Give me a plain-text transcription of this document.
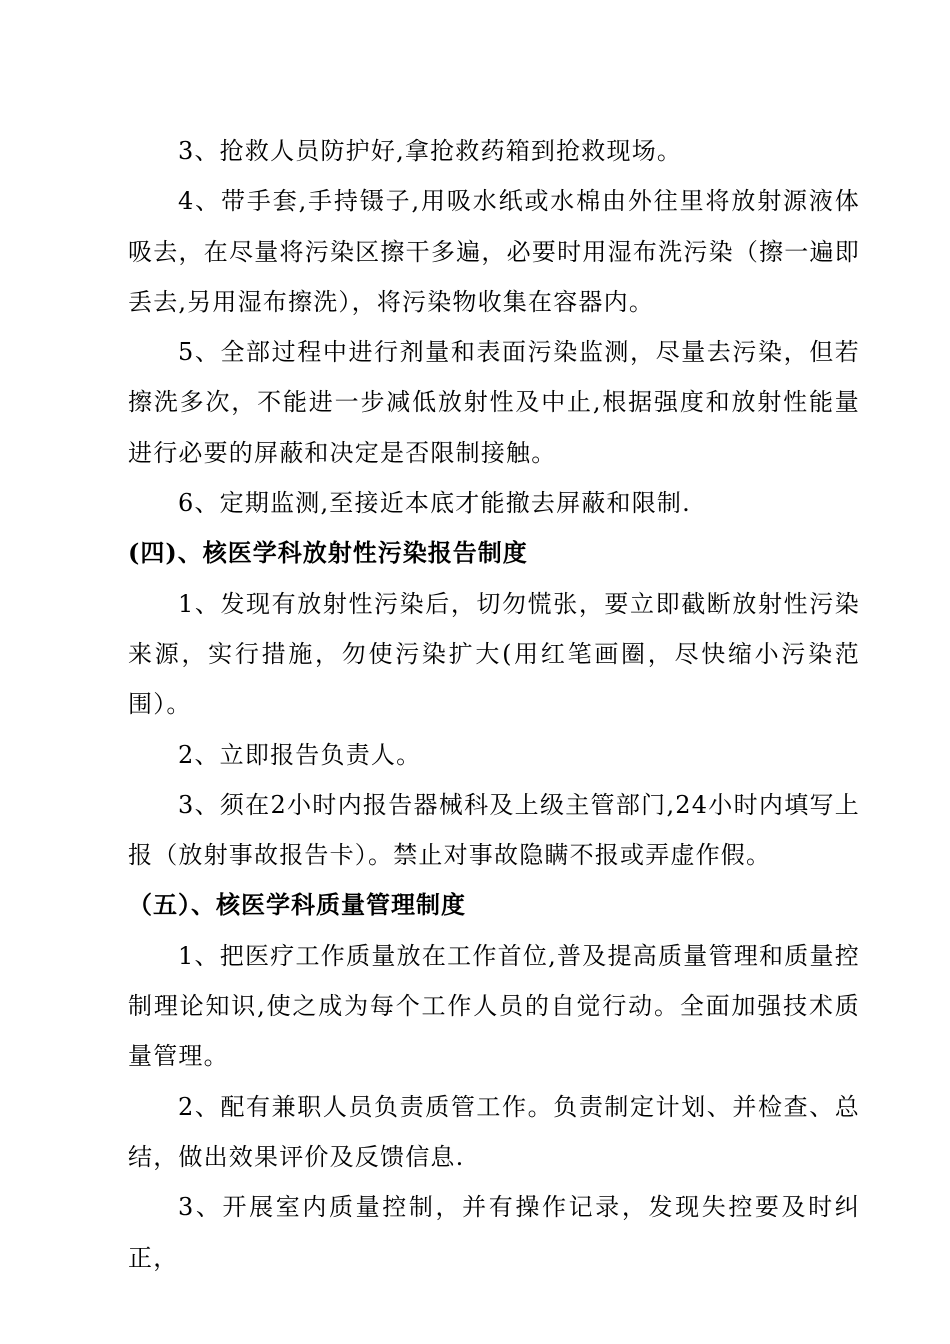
3、抢救人员防护好,拿抢救药箱到抢救现场。

4、带手套,手持镊子,用吸水纸或水棉由外往里将放射源液体吸去，在尽量将污染区擦干多遍，必要时用湿布洗污染（擦一遍即丢去,另用湿布擦洗），将污染物收集在容器内。

5、全部过程中进行剂量和表面污染监测，尽量去污染，但若擦洗多次，不能进一步减低放射性及中止,根据强度和放射性能量进行必要的屏蔽和决定是否限制接触。

6、定期监测,至接近本底才能撤去屏蔽和限制.

(四)、核医学科放射性污染报告制度

1、发现有放射性污染后，切勿慌张，要立即截断放射性污染来源，实行措施，勿使污染扩大(用红笔画圈，尽快缩小污染范围）。

2、立即报告负责人。

3、须在2小时内报告器械科及上级主管部门,24小时内填写上报（放射事故报告卡）。禁止对事故隐瞒不报或弄虚作假。

（五）、核医学科质量管理制度

1、把医疗工作质量放在工作首位,普及提高质量管理和质量控制理论知识,使之成为每个工作人员的自觉行动。全面加强技术质量管理。

2、配有兼职人员负责质管工作。负责制定计划、并检查、总结，做出效果评价及反馈信息.

3、开展室内质量控制，并有操作记录，发现失控要及时纠正，
